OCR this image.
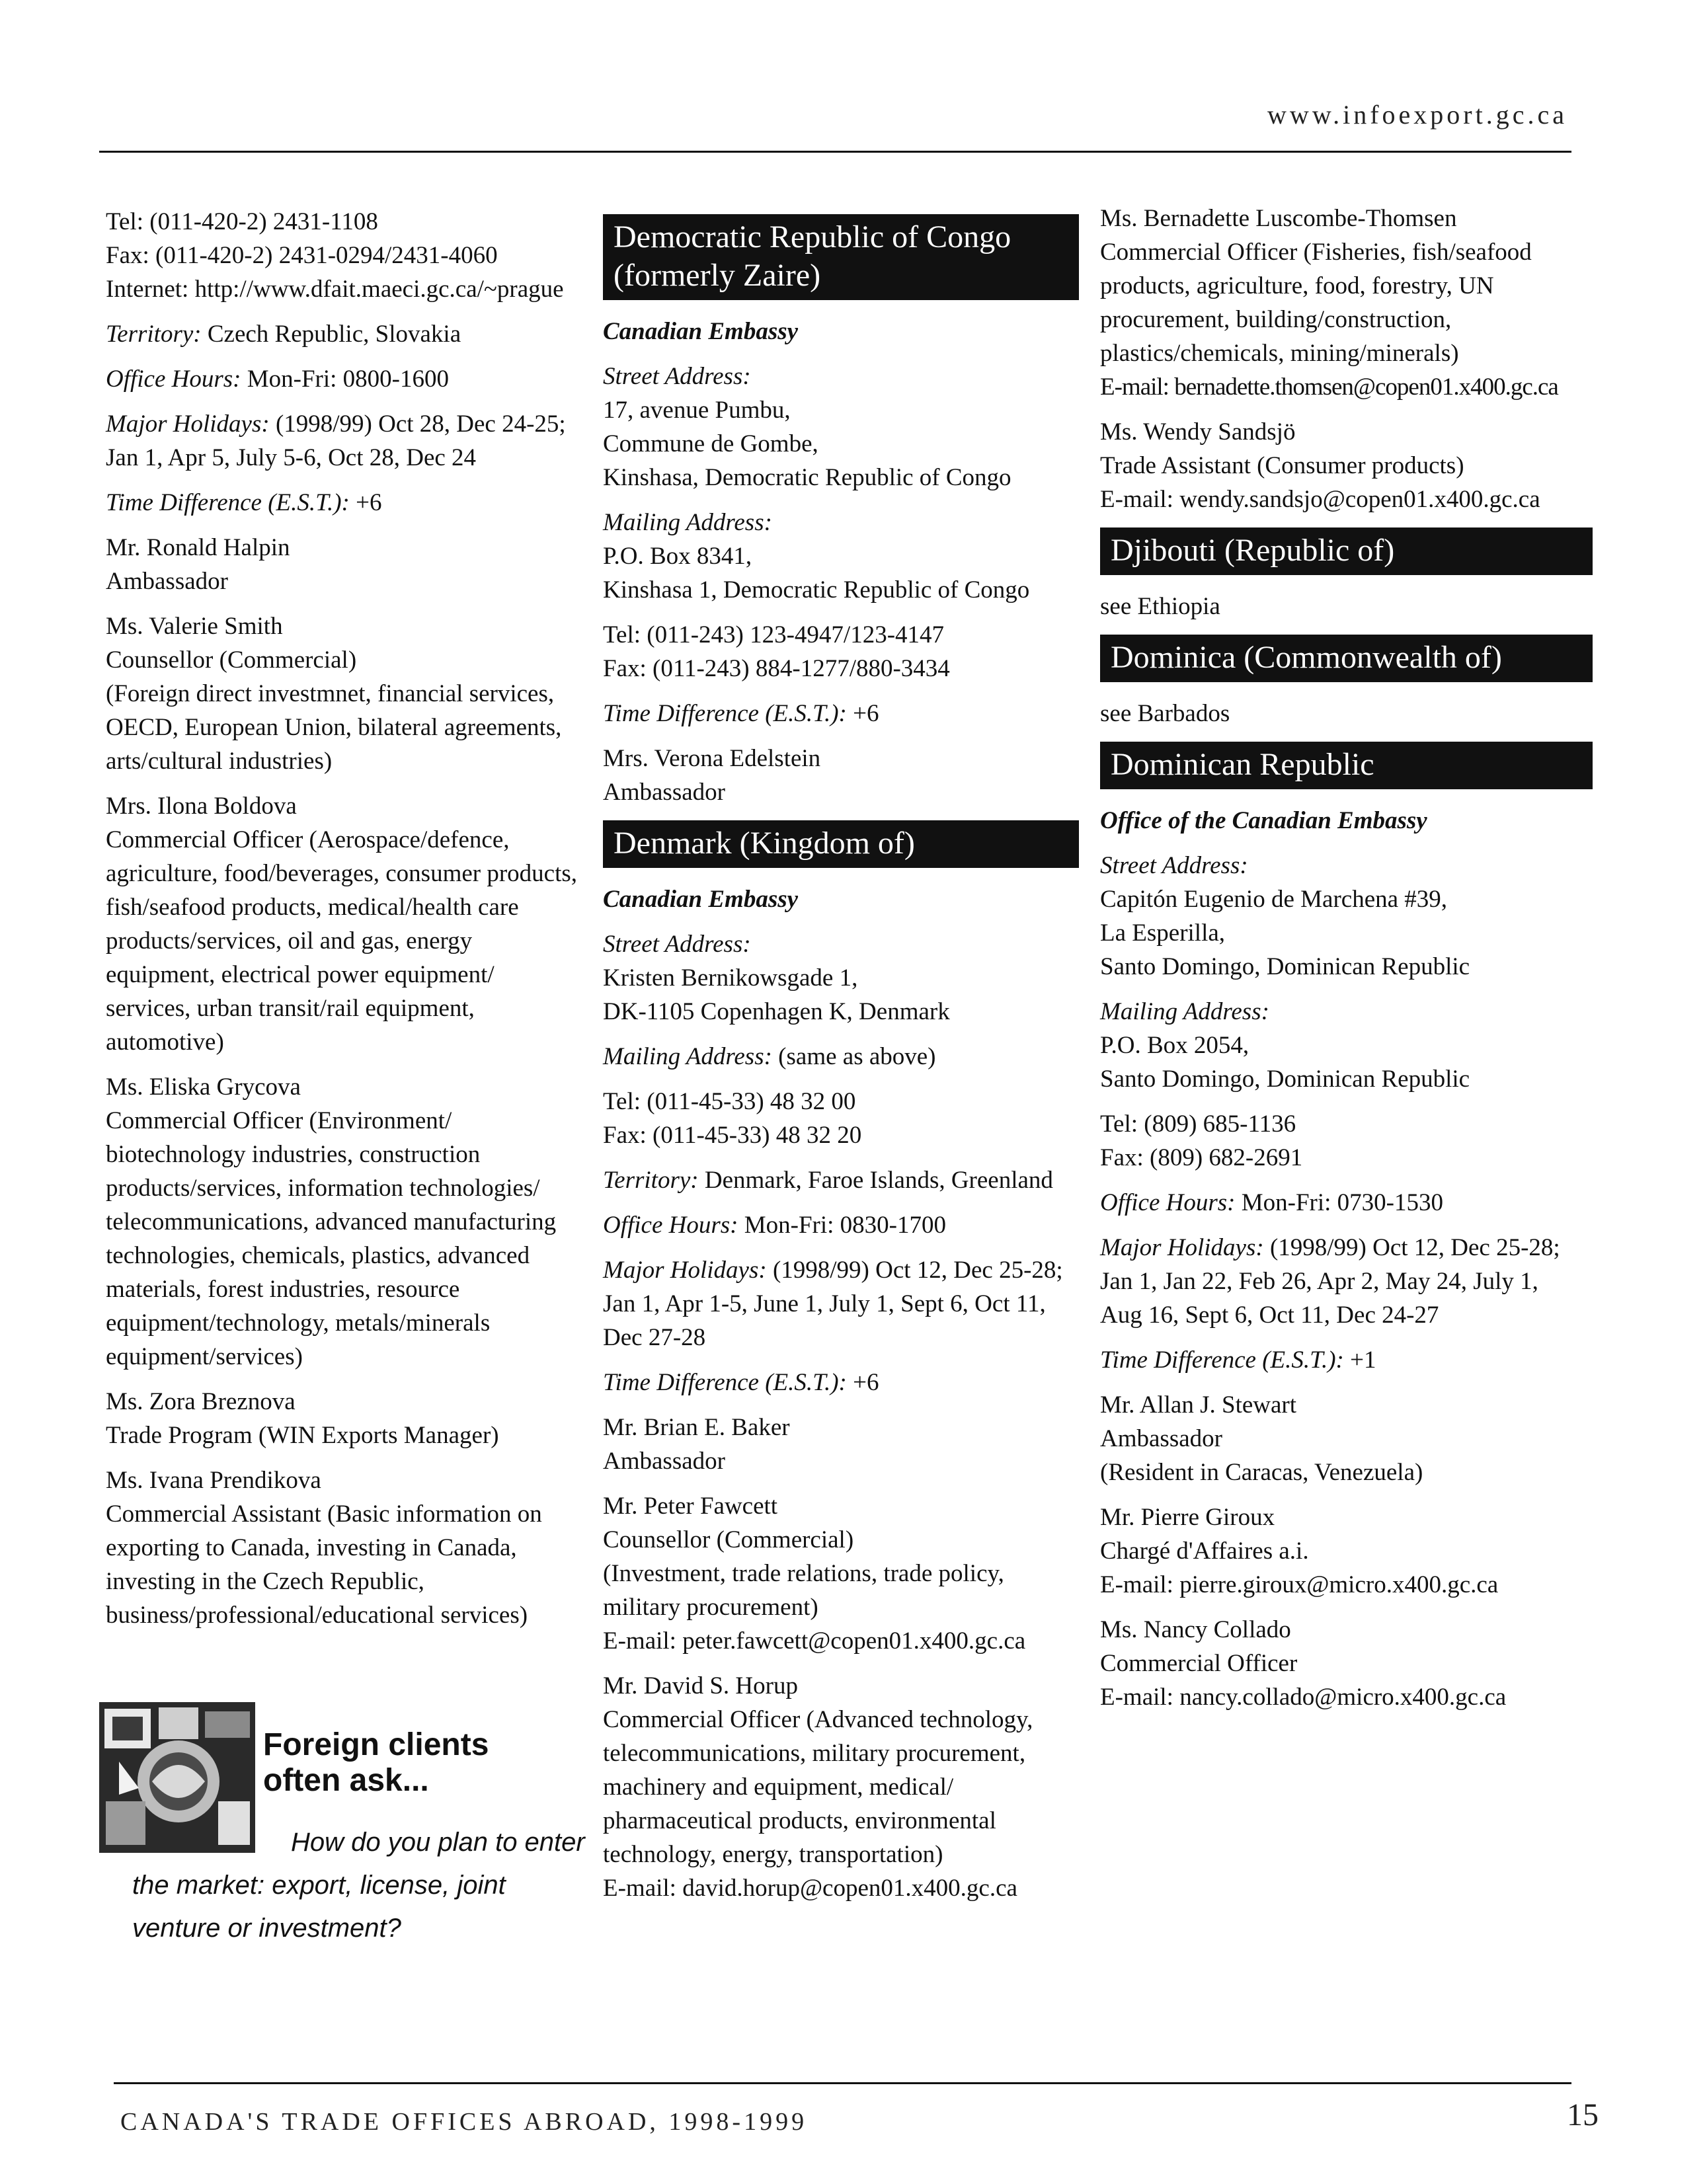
www.infoexport.gc.ca
Tel: (011-420-2) 2431-1108
Fax: (011-420-2) 2431-0294/2431-4060
Internet: http://www.dfait.maeci.gc.ca/~prague
Territory: Czech Republic, Slovakia
Office Hours: Mon-Fri: 0800-1600
Major Holidays: (1998/99) Oct 28, Dec 24-25;
Jan 1, Apr 5, July 5-6, Oct 28, Dec 24
Time Difference (E.S.T.): +6
Mr. Ronald Halpin
Ambassador
Ms. Valerie Smith
Counsellor (Commercial)
(Foreign direct investmnet, financial services,
OECD, European Union, bilateral agreements,
arts/cultural industries)
Mrs. Ilona Boldova
Commercial Officer (Aerospace/defence,
agriculture, food/beverages, consumer products,
fish/seafood products, medical/health care
products/services, oil and gas, energy
equipment, electrical power equipment/
services, urban transit/rail equipment,
automotive)
Ms. Eliska Grycova
Commercial Officer (Environment/
biotechnology industries, construction
products/services, information technologies/
telecommunications, advanced manufacturing
technologies, chemicals, plastics, advanced
materials, forest industries, resource
equipment/technology, metals/minerals
equipment/services)
Ms. Zora Breznova
Trade Program (WIN Exports Manager)
Ms. Ivana Prendikova
Commercial Assistant (Basic information on
exporting to Canada, investing in Canada,
investing in the Czech Republic,
business/professional/educational services)
Foreign clients
often ask...
How do you plan to enter the market: export, license, joint venture or investment?
Democratic Republic of Congo
(formerly Zaire)
Canadian Embassy
Street Address:
17, avenue Pumbu,
Commune de Gombe,
Kinshasa, Democratic Republic of Congo
Mailing Address:
P.O. Box 8341,
Kinshasa 1, Democratic Republic of Congo
Tel: (011-243) 123-4947/123-4147
Fax: (011-243) 884-1277/880-3434
Time Difference (E.S.T.): +6
Mrs. Verona Edelstein
Ambassador
Denmark (Kingdom of)
Canadian Embassy
Street Address:
Kristen Bernikowsgade 1,
DK-1105 Copenhagen K, Denmark
Mailing Address: (same as above)
Tel: (011-45-33) 48 32 00
Fax: (011-45-33) 48 32 20
Territory: Denmark, Faroe Islands, Greenland
Office Hours: Mon-Fri: 0830-1700
Major Holidays: (1998/99) Oct 12, Dec 25-28;
Jan 1, Apr 1-5, June 1, July 1, Sept 6, Oct 11,
Dec 27-28
Time Difference (E.S.T.): +6
Mr. Brian E. Baker
Ambassador
Mr. Peter Fawcett
Counsellor (Commercial)
(Investment, trade relations, trade policy,
military procurement)
E-mail: peter.fawcett@copen01.x400.gc.ca
Mr. David S. Horup
Commercial Officer (Advanced technology,
telecommunications, military procurement,
machinery and equipment, medical/
pharmaceutical products, environmental
technology, energy, transportation)
E-mail: david.horup@copen01.x400.gc.ca
Ms. Bernadette Luscombe-Thomsen
Commercial Officer (Fisheries, fish/seafood
products, agriculture, food, forestry, UN
procurement, building/construction,
plastics/chemicals, mining/minerals)
E-mail: bernadette.thomsen@copen01.x400.gc.ca
Ms. Wendy Sandsjö
Trade Assistant (Consumer products)
E-mail: wendy.sandsjo@copen01.x400.gc.ca
Djibouti (Republic of)
see Ethiopia
Dominica (Commonwealth of)
see Barbados
Dominican Republic
Office of the Canadian Embassy
Street Address:
Capitón Eugenio de Marchena #39,
La Esperilla,
Santo Domingo, Dominican Republic
Mailing Address:
P.O. Box 2054,
Santo Domingo, Dominican Republic
Tel: (809) 685-1136
Fax: (809) 682-2691
Office Hours: Mon-Fri: 0730-1530
Major Holidays: (1998/99) Oct 12, Dec 25-28;
Jan 1, Jan 22, Feb 26, Apr 2, May 24, July 1,
Aug 16, Sept 6, Oct 11, Dec 24-27
Time Difference (E.S.T.): +1
Mr. Allan J. Stewart
Ambassador
(Resident in Caracas, Venezuela)
Mr. Pierre Giroux
Chargé d'Affaires a.i.
E-mail: pierre.giroux@micro.x400.gc.ca
Ms. Nancy Collado
Commercial Officer
E-mail: nancy.collado@micro.x400.gc.ca
CANADA'S TRADE OFFICES ABROAD, 1998-1999	15
